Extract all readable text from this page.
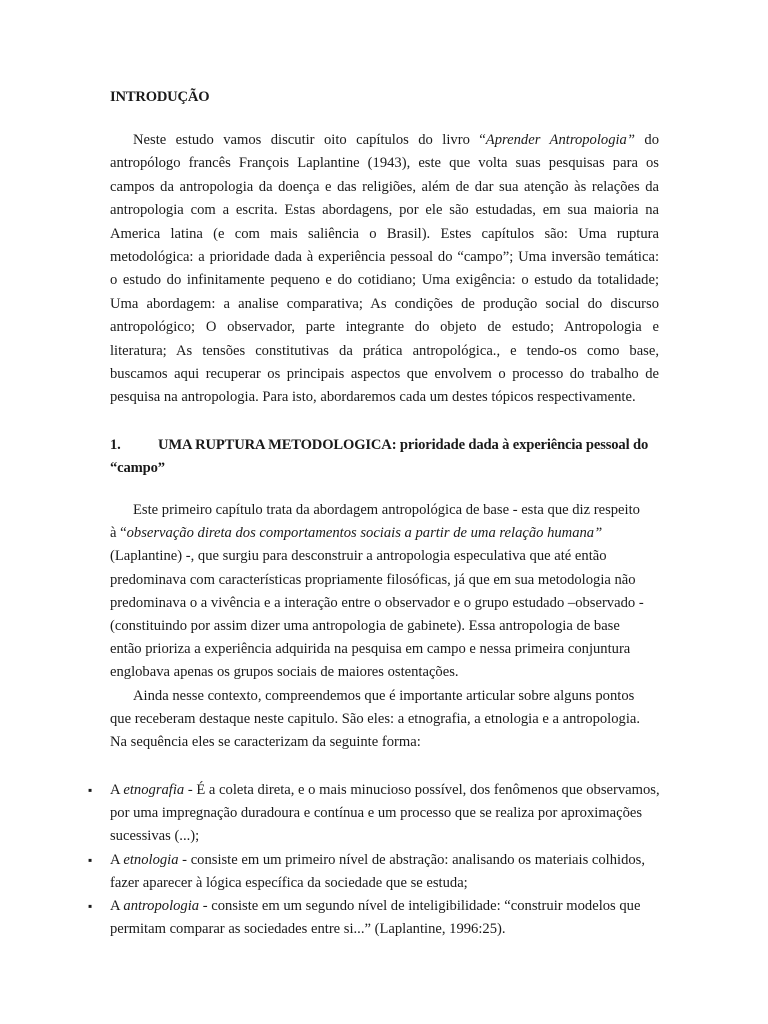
INTRODUÇÃO
Neste estudo vamos discutir oito capítulos do livro “Aprender Antropologia” do
antropólogo francês François Laplantine (1943), este que volta suas pesquisas para os
campos da antropologia da doença e das religiões, além de dar sua atenção às relações da
antropologia com a escrita. Estas abordagens, por ele são estudadas, em sua maioria na
America latina (e com mais saliência o Brasil). Estes capítulos são: Uma ruptura
metodológica: a prioridade dada à experiência pessoal do “campo”; Uma inversão temática:
o estudo do infinitamente pequeno e do cotidiano; Uma exigência: o estudo da totalidade;
Uma abordagem: a analise comparativa; As condições de produção social do discurso
antropológico; O observador, parte integrante do objeto de estudo; Antropologia e
literatura; As tensões constitutivas da prática antropológica., e tendo-os como base,
buscamos aqui recuperar os principais aspectos que envolvem o processo do trabalho de
pesquisa na antropologia. Para isto, abordaremos cada um destes tópicos respectivamente.
1.	UMA RUPTURA METODOLOGICA: prioridade dada à experiência pessoal do
“campo”
Este primeiro capítulo trata da abordagem antropológica de base - esta que diz respeito
à “observação direta dos comportamentos sociais a partir de uma relação humana”
(Laplantine) -, que surgiu para desconstruir a antropologia especulativa que até então
predominava com características propriamente filosóficas, já que em sua metodologia não
predominava o a vivência e a interação entre o observador e o grupo estudado –observado -
(constituindo por assim dizer uma antropologia de gabinete). Essa antropologia de base
então prioriza a experiência adquirida na pesquisa em campo e nessa primeira conjuntura
englobava apenas os grupos sociais de maiores ostentações.
Ainda nesse contexto, compreendemos que é importante articular sobre alguns pontos
que receberam destaque neste capitulo. São eles: a etnografia, a etnologia e a antropologia.
Na sequência eles se caracterizam da seguinte forma:
▪ A etnografia - É a coleta direta, e o mais minucioso possível, dos fenômenos que observamos,
por uma impregnação duradoura e contínua e um processo que se realiza por aproximações
sucessivas (...);
▪ A etnologia - consiste em um primeiro nível de abstração: analisando os materiais colhidos,
fazer aparecer à lógica específica da sociedade que se estuda;
▪ A antropologia - consiste em um segundo nível de inteligibilidade: “construir modelos que
permitam comparar as sociedades entre si...” (Laplantine, 1996:25).
